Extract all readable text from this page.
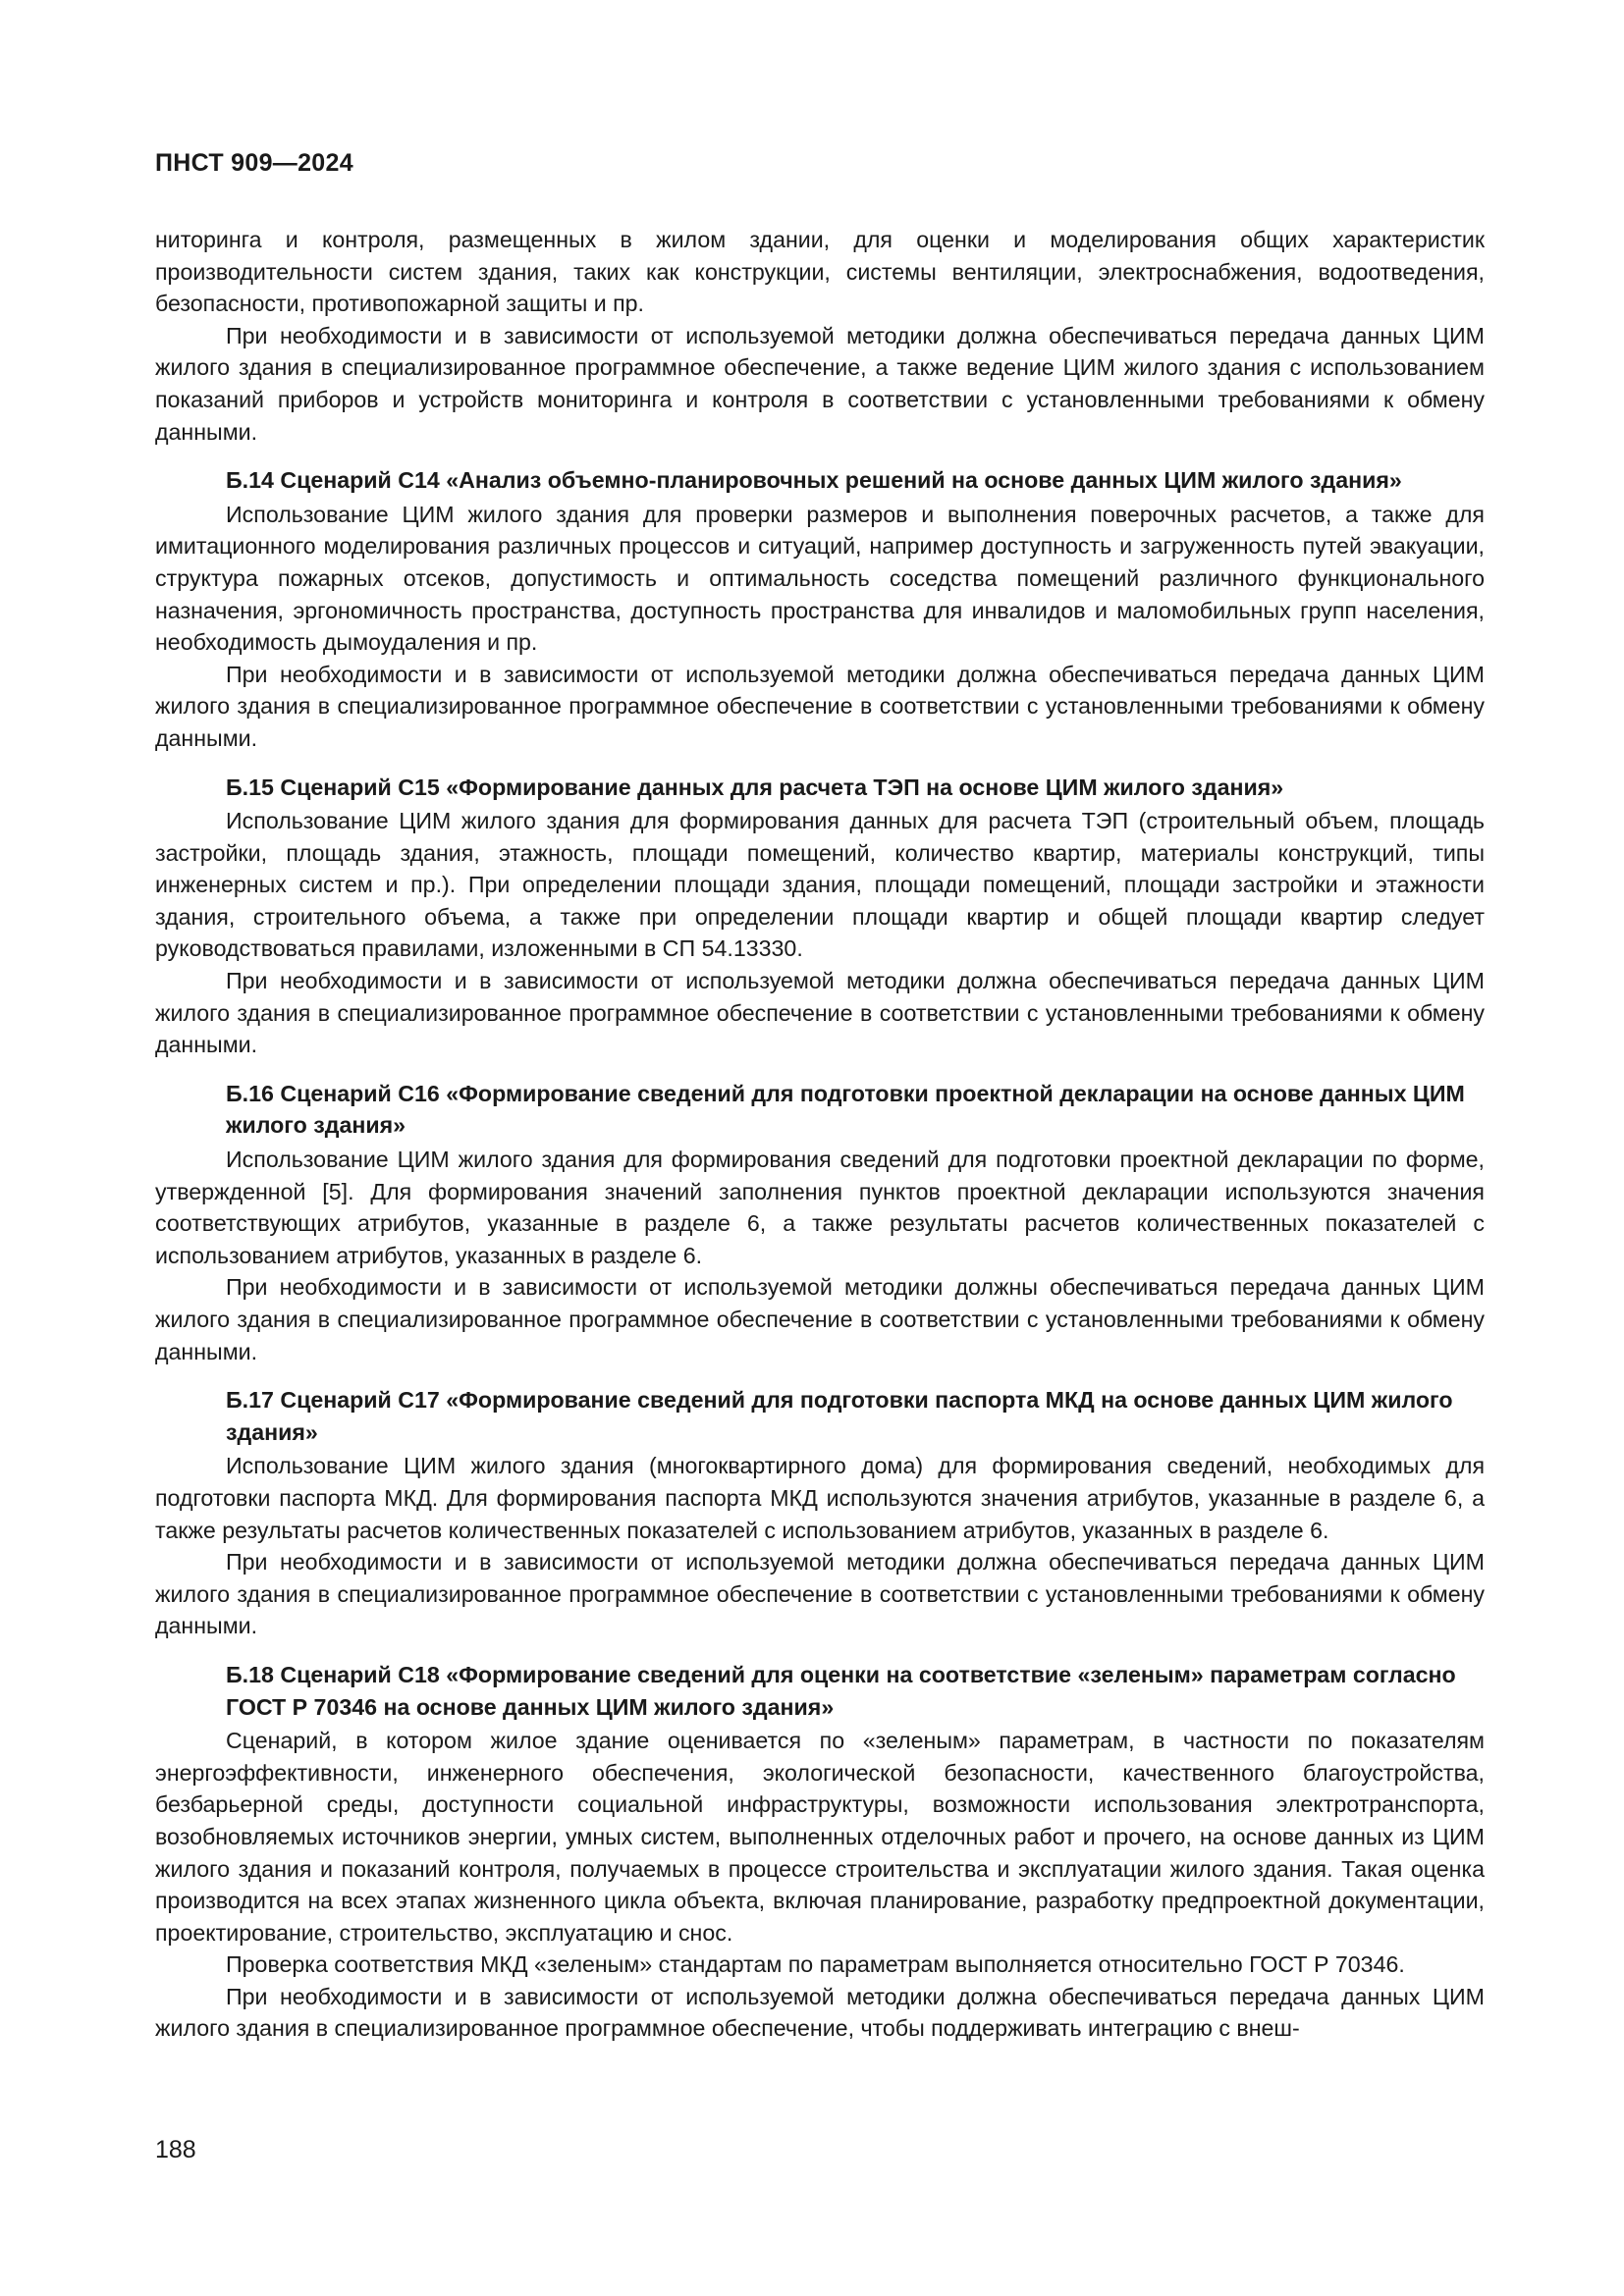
ПНСТ 909—2024

ниторинга и контроля, размещенных в жилом здании, для оценки и моделирования общих характеристик производительности систем здания, таких как конструкции, системы вентиляции, электроснабжения, водоотведения, безопасности, противопожарной защиты и пр.

При необходимости и в зависимости от используемой методики должна обеспечиваться передача данных ЦИМ жилого здания в специализированное программное обеспечение, а также ведение ЦИМ жилого здания с использованием показаний приборов и устройств мониторинга и контроля в соответствии с установленными требованиями к обмену данными.

Б.14 Сценарий С14 «Анализ объемно-планировочных решений на основе данных ЦИМ жилого здания»

Использование ЦИМ жилого здания для проверки размеров и выполнения поверочных расчетов, а также для имитационного моделирования различных процессов и ситуаций, например доступность и загруженность путей эвакуации, структура пожарных отсеков, допустимость и оптимальность соседства помещений различного функционального назначения, эргономичность пространства, доступность пространства для инвалидов и маломобильных групп населения, необходимость дымоудаления и пр.

При необходимости и в зависимости от используемой методики должна обеспечиваться передача данных ЦИМ жилого здания в специализированное программное обеспечение в соответствии с установленными требованиями к обмену данными.

Б.15 Сценарий С15 «Формирование данных для расчета ТЭП на основе ЦИМ жилого здания»

Использование ЦИМ жилого здания для формирования данных для расчета ТЭП (строительный объем, площадь застройки, площадь здания, этажность, площади помещений, количество квартир, материалы конструкций, типы инженерных систем и пр.). При определении площади здания, площади помещений, площади застройки и этажности здания, строительного объема, а также при определении площади квартир и общей площади квартир следует руководствоваться правилами, изложенными в СП 54.13330.

При необходимости и в зависимости от используемой методики должна обеспечиваться передача данных ЦИМ жилого здания в специализированное программное обеспечение в соответствии с установленными требованиями к обмену данными.

Б.16 Сценарий С16 «Формирование сведений для подготовки проектной декларации на основе данных ЦИМ жилого здания»

Использование ЦИМ жилого здания для формирования сведений для подготовки проектной декларации по форме, утвержденной [5]. Для формирования значений заполнения пунктов проектной декларации используются значения соответствующих атрибутов, указанные в разделе 6, а также результаты расчетов количественных показателей с использованием атрибутов, указанных в разделе 6.

При необходимости и в зависимости от используемой методики должны обеспечиваться передача данных ЦИМ жилого здания в специализированное программное обеспечение в соответствии с установленными требованиями к обмену данными.

Б.17 Сценарий С17 «Формирование сведений для подготовки паспорта МКД на основе данных ЦИМ жилого здания»

Использование ЦИМ жилого здания (многоквартирного дома) для формирования сведений, необходимых для подготовки паспорта МКД. Для формирования паспорта МКД используются значения атрибутов, указанные в разделе 6, а также результаты расчетов количественных показателей с использованием атрибутов, указанных в разделе 6.

При необходимости и в зависимости от используемой методики должна обеспечиваться передача данных ЦИМ жилого здания в специализированное программное обеспечение в соответствии с установленными требованиями к обмену данными.

Б.18 Сценарий С18 «Формирование сведений для оценки на соответствие «зеленым» параметрам согласно ГОСТ Р 70346 на основе данных ЦИМ жилого здания»

Сценарий, в котором жилое здание оценивается по «зеленым» параметрам, в частности по показателям энергоэффективности, инженерного обеспечения, экологической безопасности, качественного благоустройства, безбарьерной среды, доступности социальной инфраструктуры, возможности использования электротранспорта, возобновляемых источников энергии, умных систем, выполненных отделочных работ и прочего, на основе данных из ЦИМ жилого здания и показаний контроля, получаемых в процессе строительства и эксплуатации жилого здания. Такая оценка производится на всех этапах жизненного цикла объекта, включая планирование, разработку предпроектной документации, проектирование, строительство, эксплуатацию и снос.

Проверка соответствия МКД «зеленым» стандартам по параметрам выполняется относительно ГОСТ Р 70346.

При необходимости и в зависимости от используемой методики должна обеспечиваться передача данных ЦИМ жилого здания в специализированное программное обеспечение, чтобы поддерживать интеграцию с внеш-

188
